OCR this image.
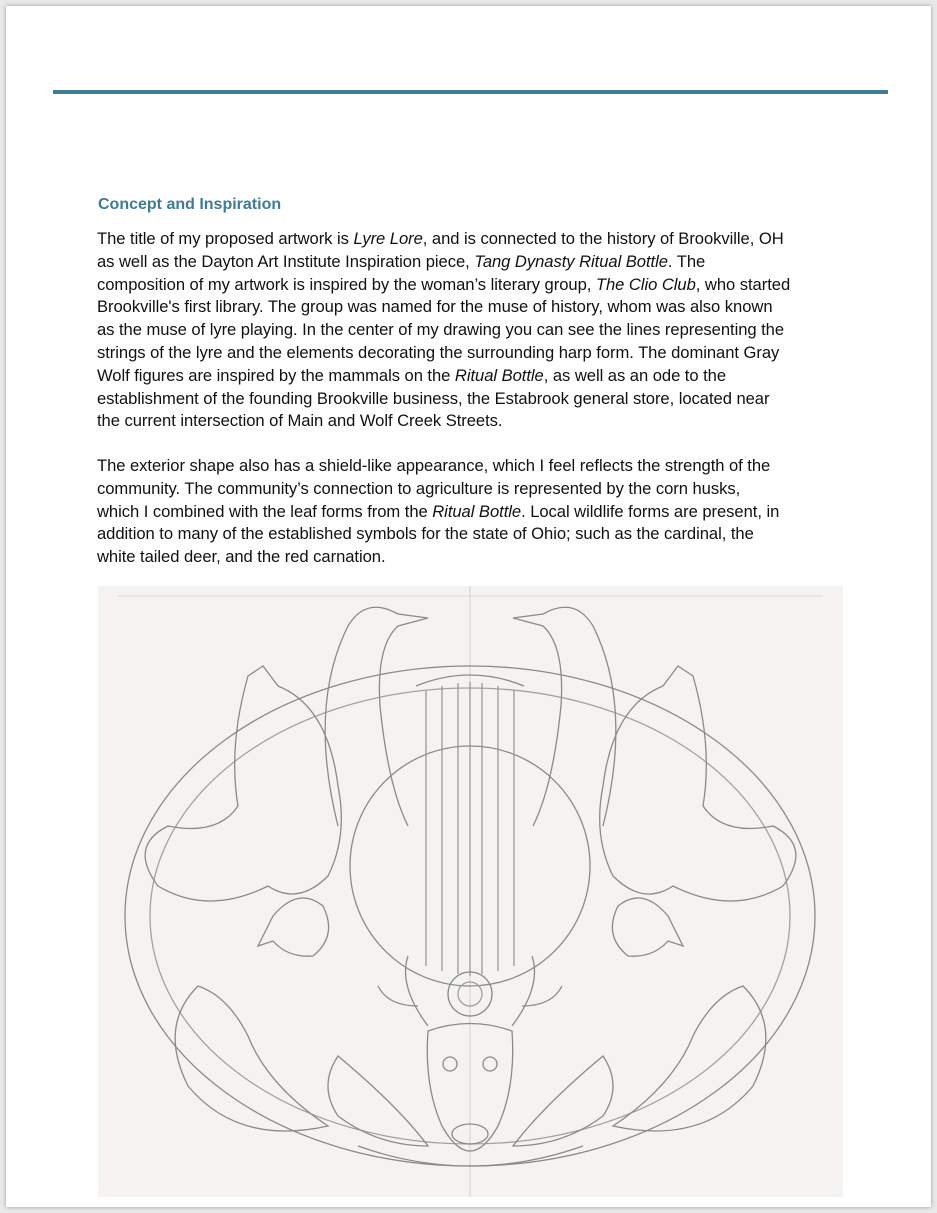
Concept and Inspiration

The title of my proposed artwork is Lyre Lore, and is connected to the history of Brookville, OH
as well as the Dayton Art Institute Inspiration piece, Tang Dynasty Ritual Bottle. The
composition of my artwork is inspired by the woman’s literary group, The Clio Club, who started
Brookville's first library. The group was named for the muse of history, whom was also known
as the muse of lyre playing. In the center of my drawing you can see the lines representing the
strings of the lyre and the elements decorating the surrounding harp form. The dominant Gray
Wolf figures are inspired by the mammals on the Ritual Bottle, as well as an ode to the
establishment of the founding Brookville business, the Estabrook general store, located near
the current intersection of Main and Wolf Creek Streets.

The exterior shape also has a shield-like appearance, which I feel reflects the strength of the
community. The community’s connection to agriculture is represented by the corn husks,
which I combined with the leaf forms from the Ritual Bottle. Local wildlife forms are present, in
addition to many of the established symbols for the state of Ohio; such as the cardinal, the
white tailed deer, and the red carnation.
